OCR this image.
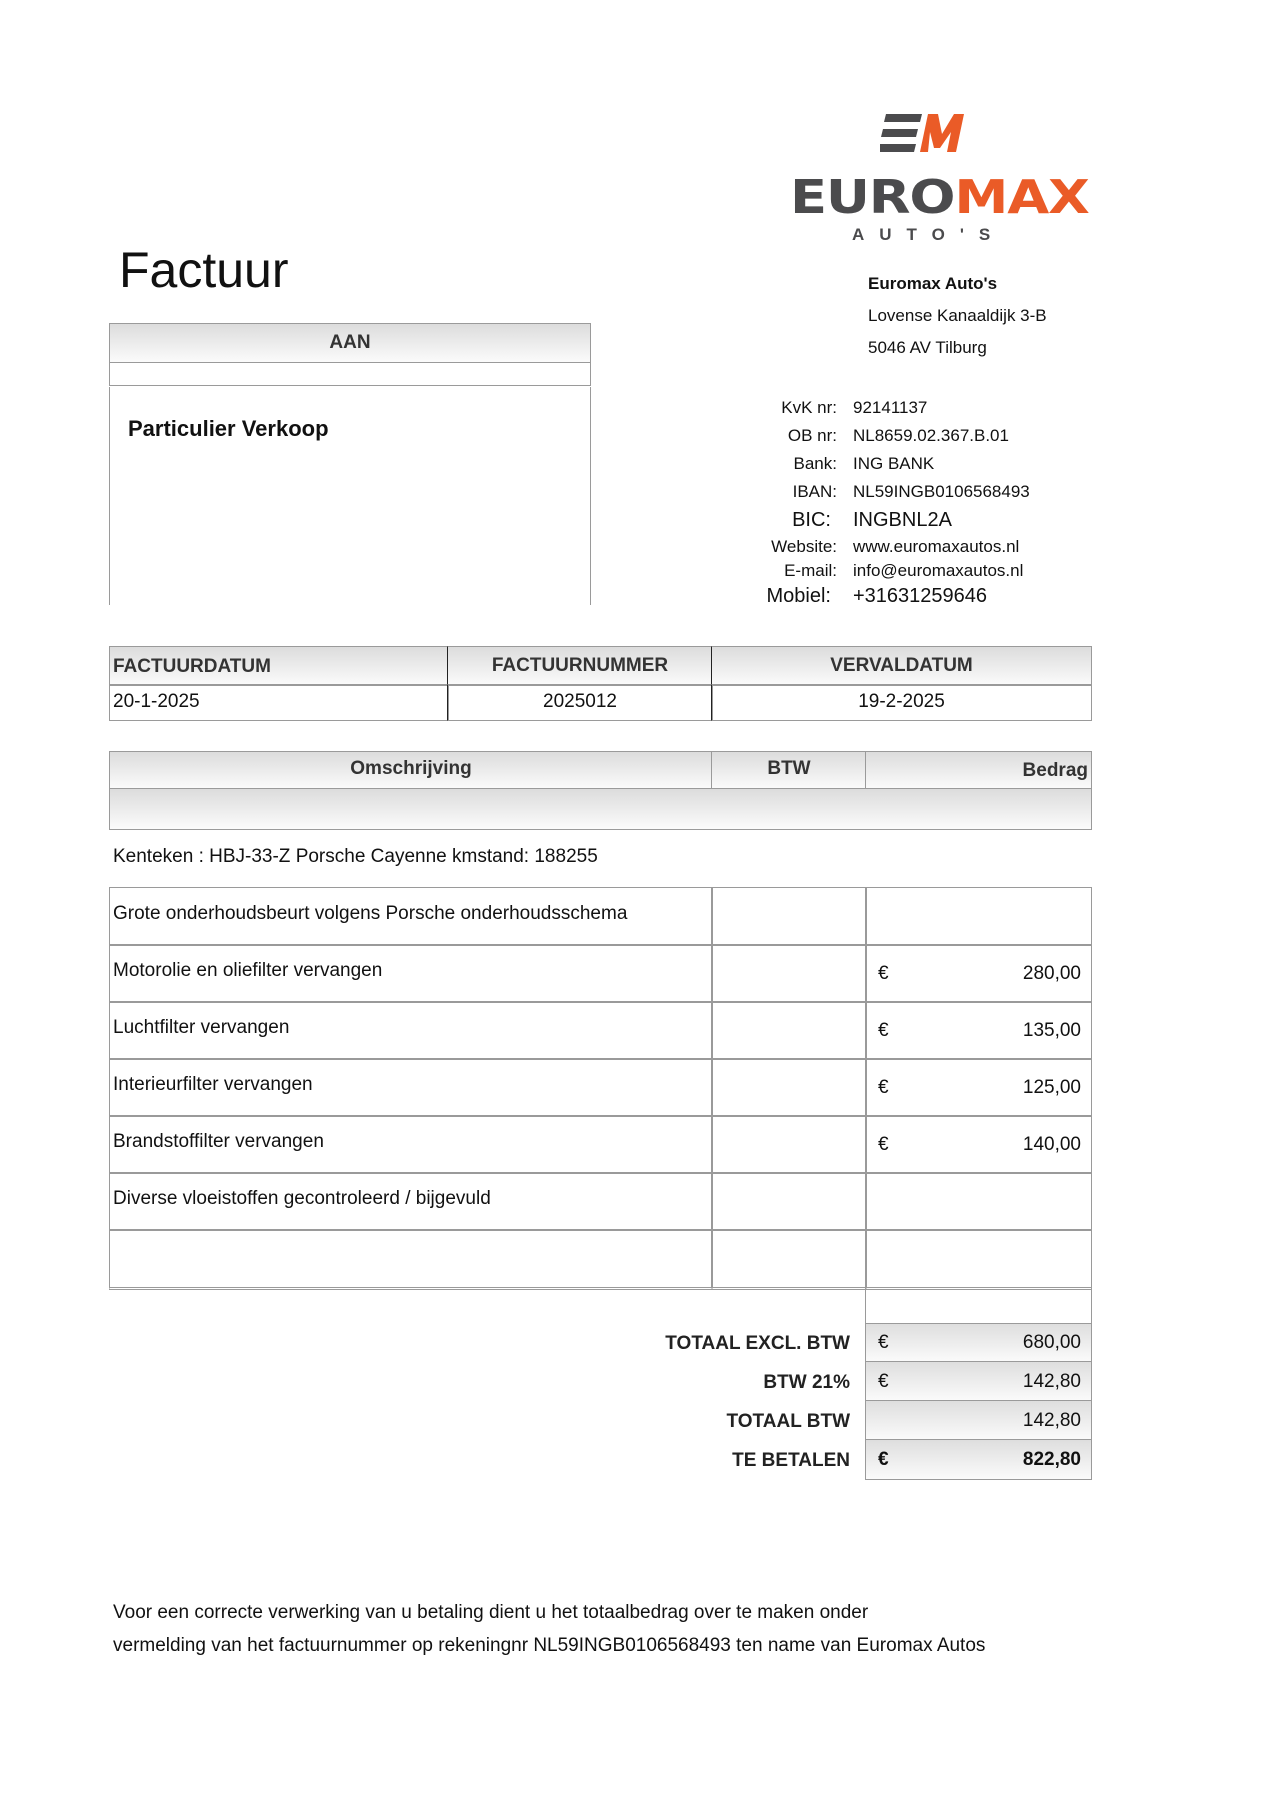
EUROMAX
AUTO'S
Factuur
AAN
Particulier Verkoop
Euromax Auto's
Lovense Kanaaldijk 3-B
5046 AV Tilburg
KvK nr: 92141137
OB nr: NL8659.02.367.B.01
Bank: ING BANK
IBAN: NL59INGB0106568493
BIC:	INGBNL2A
Website: www.euromaxautos.nl
E-mail: info@euromaxautos.nl
Mobiel:	+31631259646
FACTUURDATUM	FACTUURNUMMER	VERVALDATUM
20-1-2025	2025012	19-2-2025
Omschrijving	BTW	Bedrag
Kenteken : HBJ-33-Z Porsche Cayenne kmstand: 188255
Grote onderhoudsbeurt volgens Porsche onderhoudsschema
Motorolie en oliefilter vervangen	€	280,00
Luchtfilter vervangen	€	135,00
Interieurfilter vervangen	€	125,00
Brandstoffilter vervangen	€	140,00
Diverse vloeistoffen gecontroleerd / bijgevuld
TOTAAL EXCL. BTW €	680,00
BTW 21% €	142,80
TOTAAL BTW	142,80
TE BETALEN €	822,80
Voor een correcte verwerking van u betaling dient u het totaalbedrag over te maken onder
vermelding van het factuurnummer op rekeningnr NL59INGB0106568493 ten name van Euromax Autos
